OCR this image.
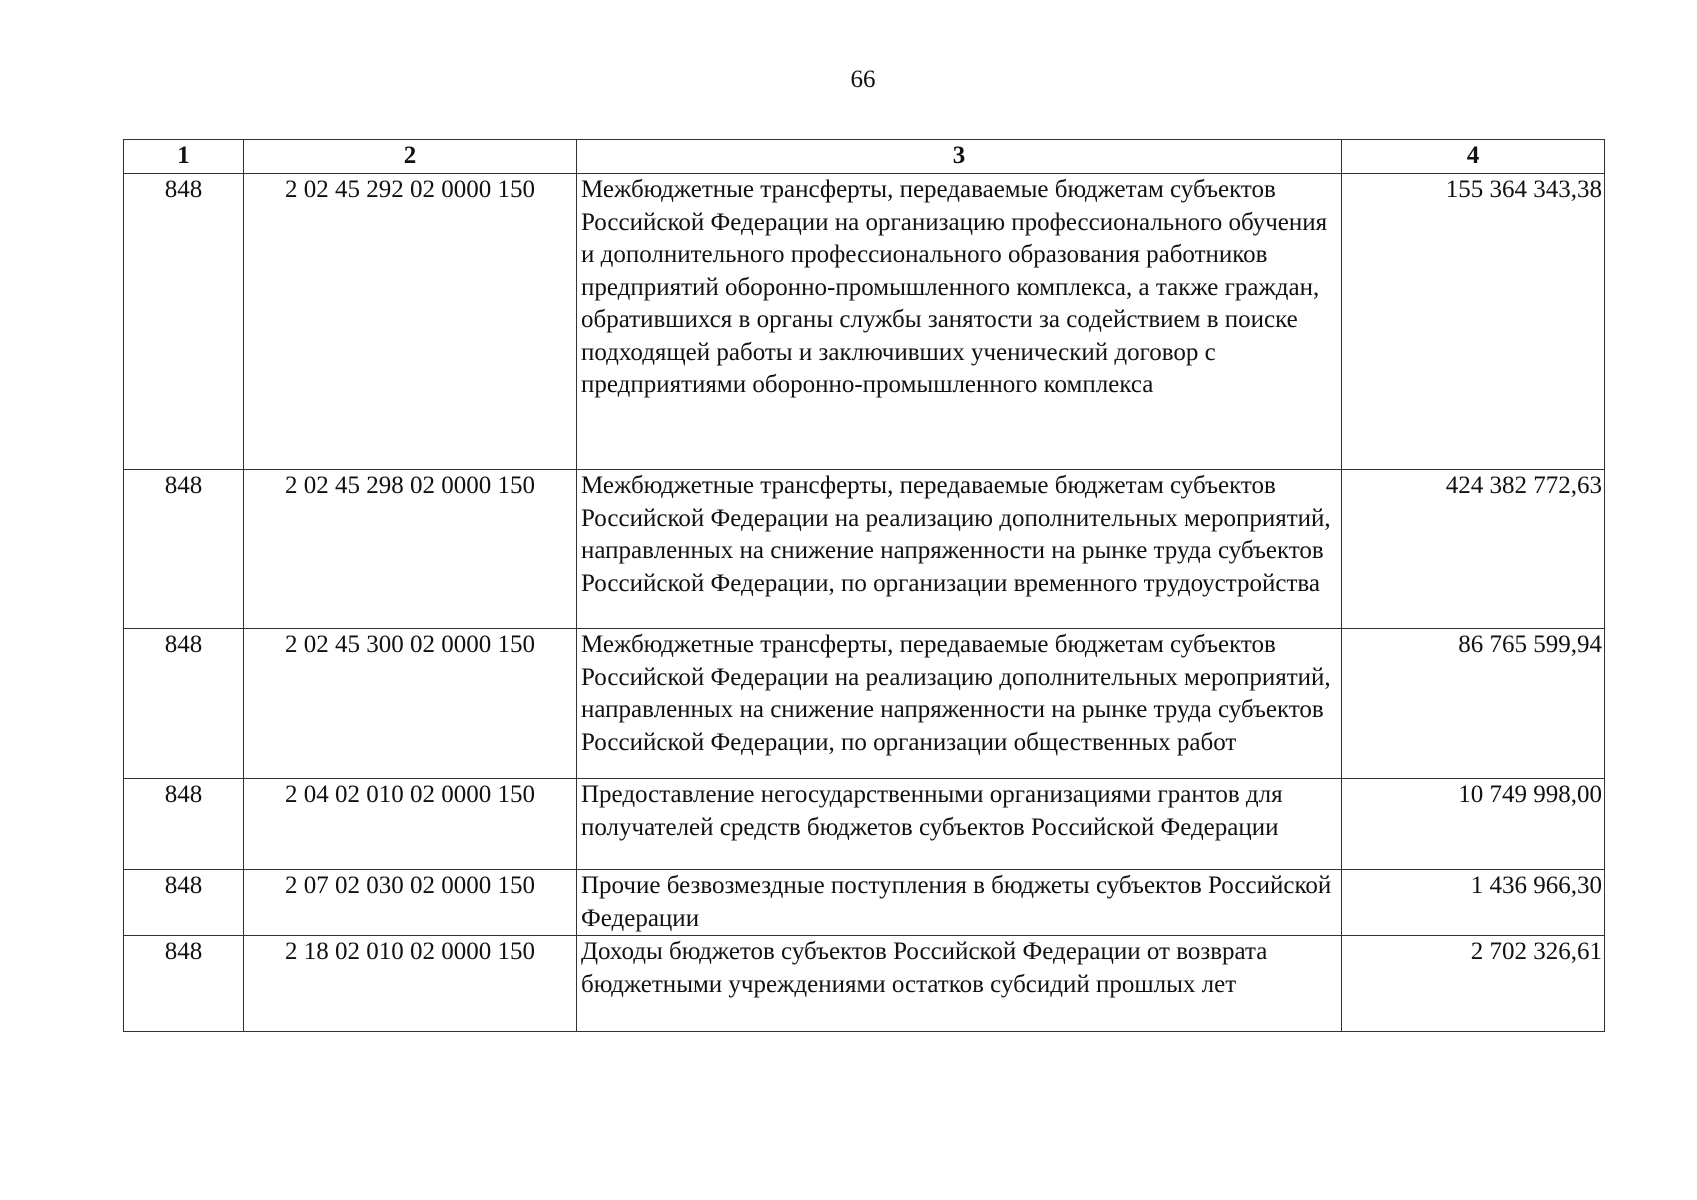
66
1	2	3	4
848	2 02 45 292 02 0000 150	Межбюджетные трансферты, передаваемые бюджетам субъектов Российской Федерации на организацию профессионального обучения и дополнительного профессионального образования работников предприятий оборонно-промышленного комплекса, а также граждан, обратившихся в органы службы занятости за содействием в поиске подходящей работы и заключивших ученический договор с предприятиями оборонно-промышленного комплекса	155 364 343,38
848	2 02 45 298 02 0000 150	Межбюджетные трансферты, передаваемые бюджетам субъектов Российской Федерации на реализацию дополнительных мероприятий, направленных на снижение напряженности на рынке труда субъектов Российской Федерации, по организации временного трудоустройства	424 382 772,63
848	2 02 45 300 02 0000 150	Межбюджетные трансферты, передаваемые бюджетам субъектов Российской Федерации на реализацию дополнительных мероприятий, направленных на снижение напряженности на рынке труда субъектов Российской Федерации, по организации общественных работ	86 765 599,94
848	2 04 02 010 02 0000 150	Предоставление негосударственными организациями грантов для получателей средств бюджетов субъектов Российской Федерации	10 749 998,00
848	2 07 02 030 02 0000 150	Прочие безвозмездные поступления в бюджеты субъектов Российской Федерации	1 436 966,30
848	2 18 02 010 02 0000 150	Доходы бюджетов субъектов Российской Федерации от возврата бюджетными учреждениями остатков субсидий прошлых лет	2 702 326,61
